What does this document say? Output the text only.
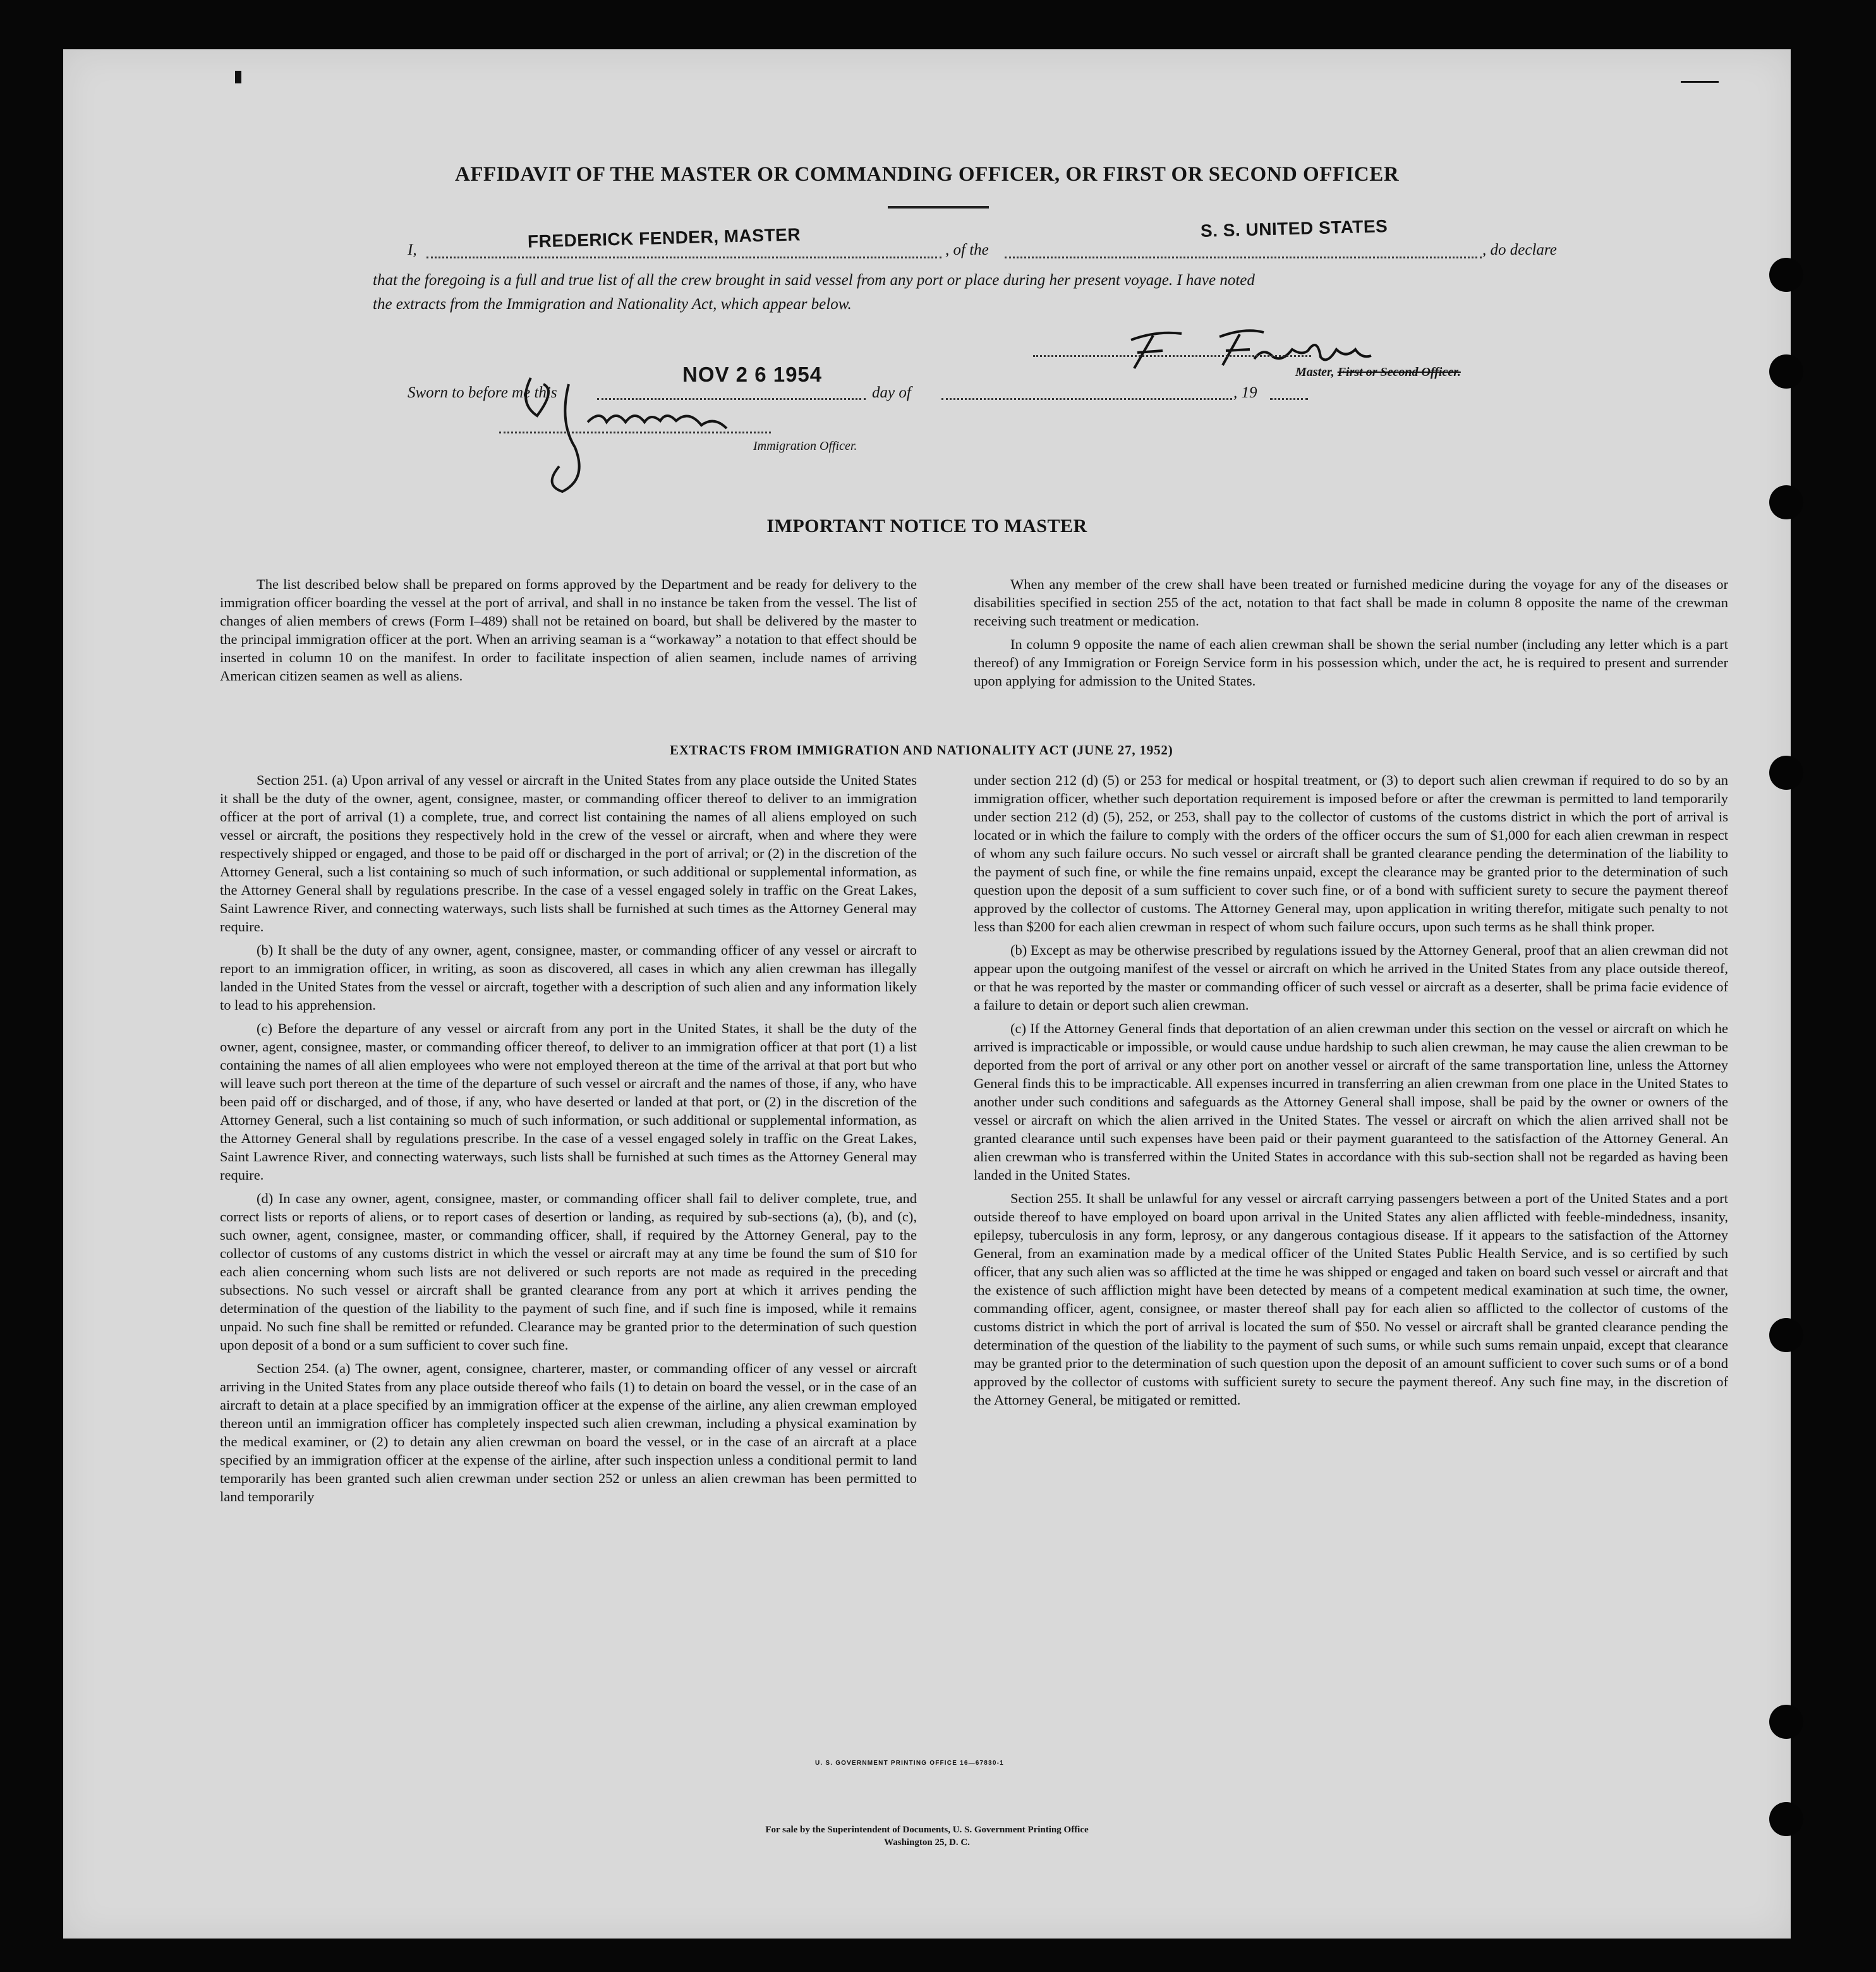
AFFIDAVIT OF THE MASTER OR COMMANDING OFFICER, OR FIRST OR SECOND OFFICER
I,	FREDERICK FENDER, MASTER	, of the
S. S. UNITED STATES
, do declare
that the foregoing is a full and true list of all the crew brought in said vessel from any port or place during her present voyage. I have noted
the extracts from the Immigration and Nationality Act, which appear below.
Master, First or Second Officer.
Sworn to before me this
NOV 2 6 1954
day of	, 19
Immigration Officer.
IMPORTANT NOTICE TO MASTER

The list described below shall be prepared on forms approved by the Department and be ready for delivery to the immigration officer boarding the vessel at the port of arrival, and shall in no instance be taken from the vessel. The list of changes of alien members of crews (Form I–489) shall not be retained on board, but shall be delivered by the master to the principal immigration officer at the port. When an arriving seaman is a “workaway” a notation to that effect should be inserted in column 10 on the manifest. In order to facilitate inspection of alien seamen, include names of arriving American citizen seamen as well as aliens.

When any member of the crew shall have been treated or furnished medicine during the voyage for any of the diseases or disabilities specified in section 255 of the act, notation to that fact shall be made in column 8 opposite the name of the crewman receiving such treatment or medication.

In column 9 opposite the name of each alien crewman shall be shown the serial number (including any letter which is a part thereof) of any Immigration or Foreign Service form in his possession which, under the act, he is required to present and surrender upon applying for admission to the United States.

EXTRACTS FROM IMMIGRATION AND NATIONALITY ACT (JUNE 27, 1952)

Section 251. (a) Upon arrival of any vessel or aircraft in the United States from any place outside the United States it shall be the duty of the owner, agent, consignee, master, or commanding officer thereof to deliver to an immigration officer at the port of arrival (1) a complete, true, and correct list containing the names of all aliens employed on such vessel or aircraft, the positions they respectively hold in the crew of the vessel or aircraft, when and where they were respectively shipped or engaged, and those to be paid off or discharged in the port of arrival; or (2) in the discretion of the Attorney General, such a list containing so much of such information, or such additional or supplemental information, as the Attorney General shall by regulations prescribe. In the case of a vessel engaged solely in traffic on the Great Lakes, Saint Lawrence River, and connecting waterways, such lists shall be furnished at such times as the Attorney General may require.

(b) It shall be the duty of any owner, agent, consignee, master, or commanding officer of any vessel or aircraft to report to an immigration officer, in writing, as soon as discovered, all cases in which any alien crewman has illegally landed in the United States from the vessel or aircraft, together with a description of such alien and any information likely to lead to his apprehension.

(c) Before the departure of any vessel or aircraft from any port in the United States, it shall be the duty of the owner, agent, consignee, master, or commanding officer thereof, to deliver to an immigration officer at that port (1) a list containing the names of all alien employees who were not employed thereon at the time of the arrival at that port but who will leave such port thereon at the time of the departure of such vessel or aircraft and the names of those, if any, who have been paid off or discharged, and of those, if any, who have deserted or landed at that port, or (2) in the discretion of the Attorney General, such a list containing so much of such information, or such additional or supplemental information, as the Attorney General shall by regulations prescribe. In the case of a vessel engaged solely in traffic on the Great Lakes, Saint Lawrence River, and connecting waterways, such lists shall be furnished at such times as the Attorney General may require.

(d) In case any owner, agent, consignee, master, or commanding officer shall fail to deliver complete, true, and correct lists or reports of aliens, or to report cases of desertion or landing, as required by sub-sections (a), (b), and (c), such owner, agent, consignee, master, or commanding officer, shall, if required by the Attorney General, pay to the collector of customs of any customs district in which the vessel or aircraft may at any time be found the sum of $10 for each alien concerning whom such lists are not delivered or such reports are not made as required in the preceding subsections. No such vessel or aircraft shall be granted clearance from any port at which it arrives pending the determination of the question of the liability to the payment of such fine, and if such fine is imposed, while it remains unpaid. No such fine shall be remitted or refunded. Clearance may be granted prior to the determination of such question upon deposit of a bond or a sum sufficient to cover such fine.

Section 254. (a) The owner, agent, consignee, charterer, master, or commanding officer of any vessel or aircraft arriving in the United States from any place outside thereof who fails (1) to detain on board the vessel, or in the case of an aircraft to detain at a place specified by an immigration officer at the expense of the airline, any alien crewman employed thereon until an immigration officer has completely inspected such alien crewman, including a physical examination by the medical examiner, or (2) to detain any alien crewman on board the vessel, or in the case of an aircraft at a place specified by an immigration officer at the expense of the airline, after such inspection unless a conditional permit to land temporarily has been granted such alien crewman under section 252 or unless an alien crewman has been permitted to land temporarily

under section 212 (d) (5) or 253 for medical or hospital treatment, or (3) to deport such alien crewman if required to do so by an immigration officer, whether such deportation requirement is imposed before or after the crewman is permitted to land temporarily under section 212 (d) (5), 252, or 253, shall pay to the collector of customs of the customs district in which the port of arrival is located or in which the failure to comply with the orders of the officer occurs the sum of $1,000 for each alien crewman in respect of whom any such failure occurs. No such vessel or aircraft shall be granted clearance pending the determination of the liability to the payment of such fine, or while the fine remains unpaid, except the clearance may be granted prior to the determination of such question upon the deposit of a sum sufficient to cover such fine, or of a bond with sufficient surety to secure the payment thereof approved by the collector of customs. The Attorney General may, upon application in writing therefor, mitigate such penalty to not less than $200 for each alien crewman in respect of whom such failure occurs, upon such terms as he shall think proper.

(b) Except as may be otherwise prescribed by regulations issued by the Attorney General, proof that an alien crewman did not appear upon the outgoing manifest of the vessel or aircraft on which he arrived in the United States from any place outside thereof, or that he was reported by the master or commanding officer of such vessel or aircraft as a deserter, shall be prima facie evidence of a failure to detain or deport such alien crewman.

(c) If the Attorney General finds that deportation of an alien crewman under this section on the vessel or aircraft on which he arrived is impracticable or impossible, or would cause undue hardship to such alien crewman, he may cause the alien crewman to be deported from the port of arrival or any other port on another vessel or aircraft of the same transportation line, unless the Attorney General finds this to be impracticable. All expenses incurred in transferring an alien crewman from one place in the United States to another under such conditions and safeguards as the Attorney General shall impose, shall be paid by the owner or owners of the vessel or aircraft on which the alien arrived in the United States. The vessel or aircraft on which the alien arrived shall not be granted clearance until such expenses have been paid or their payment guaranteed to the satisfaction of the Attorney General. An alien crewman who is transferred within the United States in accordance with this sub-section shall not be regarded as having been landed in the United States.

Section 255. It shall be unlawful for any vessel or aircraft carrying passengers between a port of the United States and a port outside thereof to have employed on board upon arrival in the United States any alien afflicted with feeble-mindedness, insanity, epilepsy, tuberculosis in any form, leprosy, or any dangerous contagious disease. If it appears to the satisfaction of the Attorney General, from an examination made by a medical officer of the United States Public Health Service, and is so certified by such officer, that any such alien was so afflicted at the time he was shipped or engaged and taken on board such vessel or aircraft and that the existence of such affliction might have been detected by means of a competent medical examination at such time, the owner, commanding officer, agent, consignee, or master thereof shall pay for each alien so afflicted to the collector of customs of the customs district in which the port of arrival is located the sum of $50. No vessel or aircraft shall be granted clearance pending the determination of the question of the liability to the payment of such sums, or while such sums remain unpaid, except that clearance may be granted prior to the determination of such question upon the deposit of an amount sufficient to cover such sums or of a bond approved by the collector of customs with sufficient surety to secure the payment thereof. Any such fine may, in the discretion of the Attorney General, be mitigated or remitted.

U. S. GOVERNMENT PRINTING OFFICE 16—67830-1
For sale by the Superintendent of Documents, U. S. Government Printing Office
Washington 25, D. C.
